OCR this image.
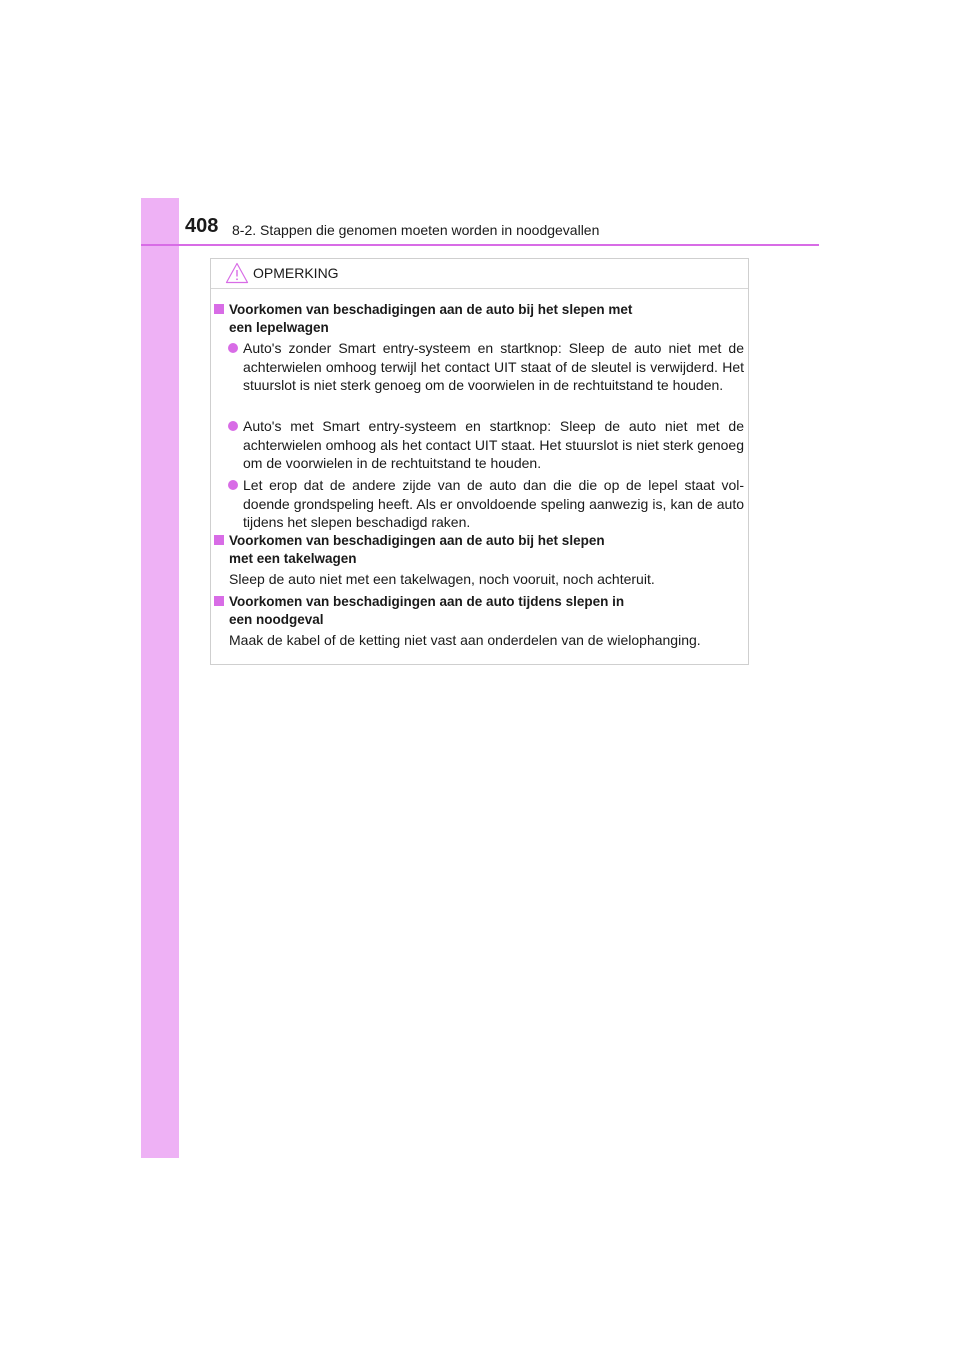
408 8-2. Stappen die genomen moeten worden in noodgevallen
OPMERKING
Voorkomen van beschadigingen aan de auto bij het slepen met
een lepelwagen
Auto's zonder Smart entry-systeem en startknop: Sleep de auto niet met de achterwielen omhoog terwijl het contact UIT staat of de sleutel is verwijderd. Het stuurslot is niet sterk genoeg om de voorwielen in de rechtuitstand te houden.
Auto's met Smart entry-systeem en startknop: Sleep de auto niet met de achterwielen omhoog als het contact UIT staat. Het stuurslot is niet sterk genoeg om de voorwielen in de rechtuitstand te houden.
Let erop dat de andere zijde van de auto dan die die op de lepel staat vol-doende grondspeling heeft. Als er onvoldoende speling aanwezig is, kan de auto tijdens het slepen beschadigd raken.
Voorkomen van beschadigingen aan de auto bij het slepen
met een takelwagen
Sleep de auto niet met een takelwagen, noch vooruit, noch achteruit.
Voorkomen van beschadigingen aan de auto tijdens slepen in
een noodgeval
Maak de kabel of de ketting niet vast aan onderdelen van de wielophanging.
